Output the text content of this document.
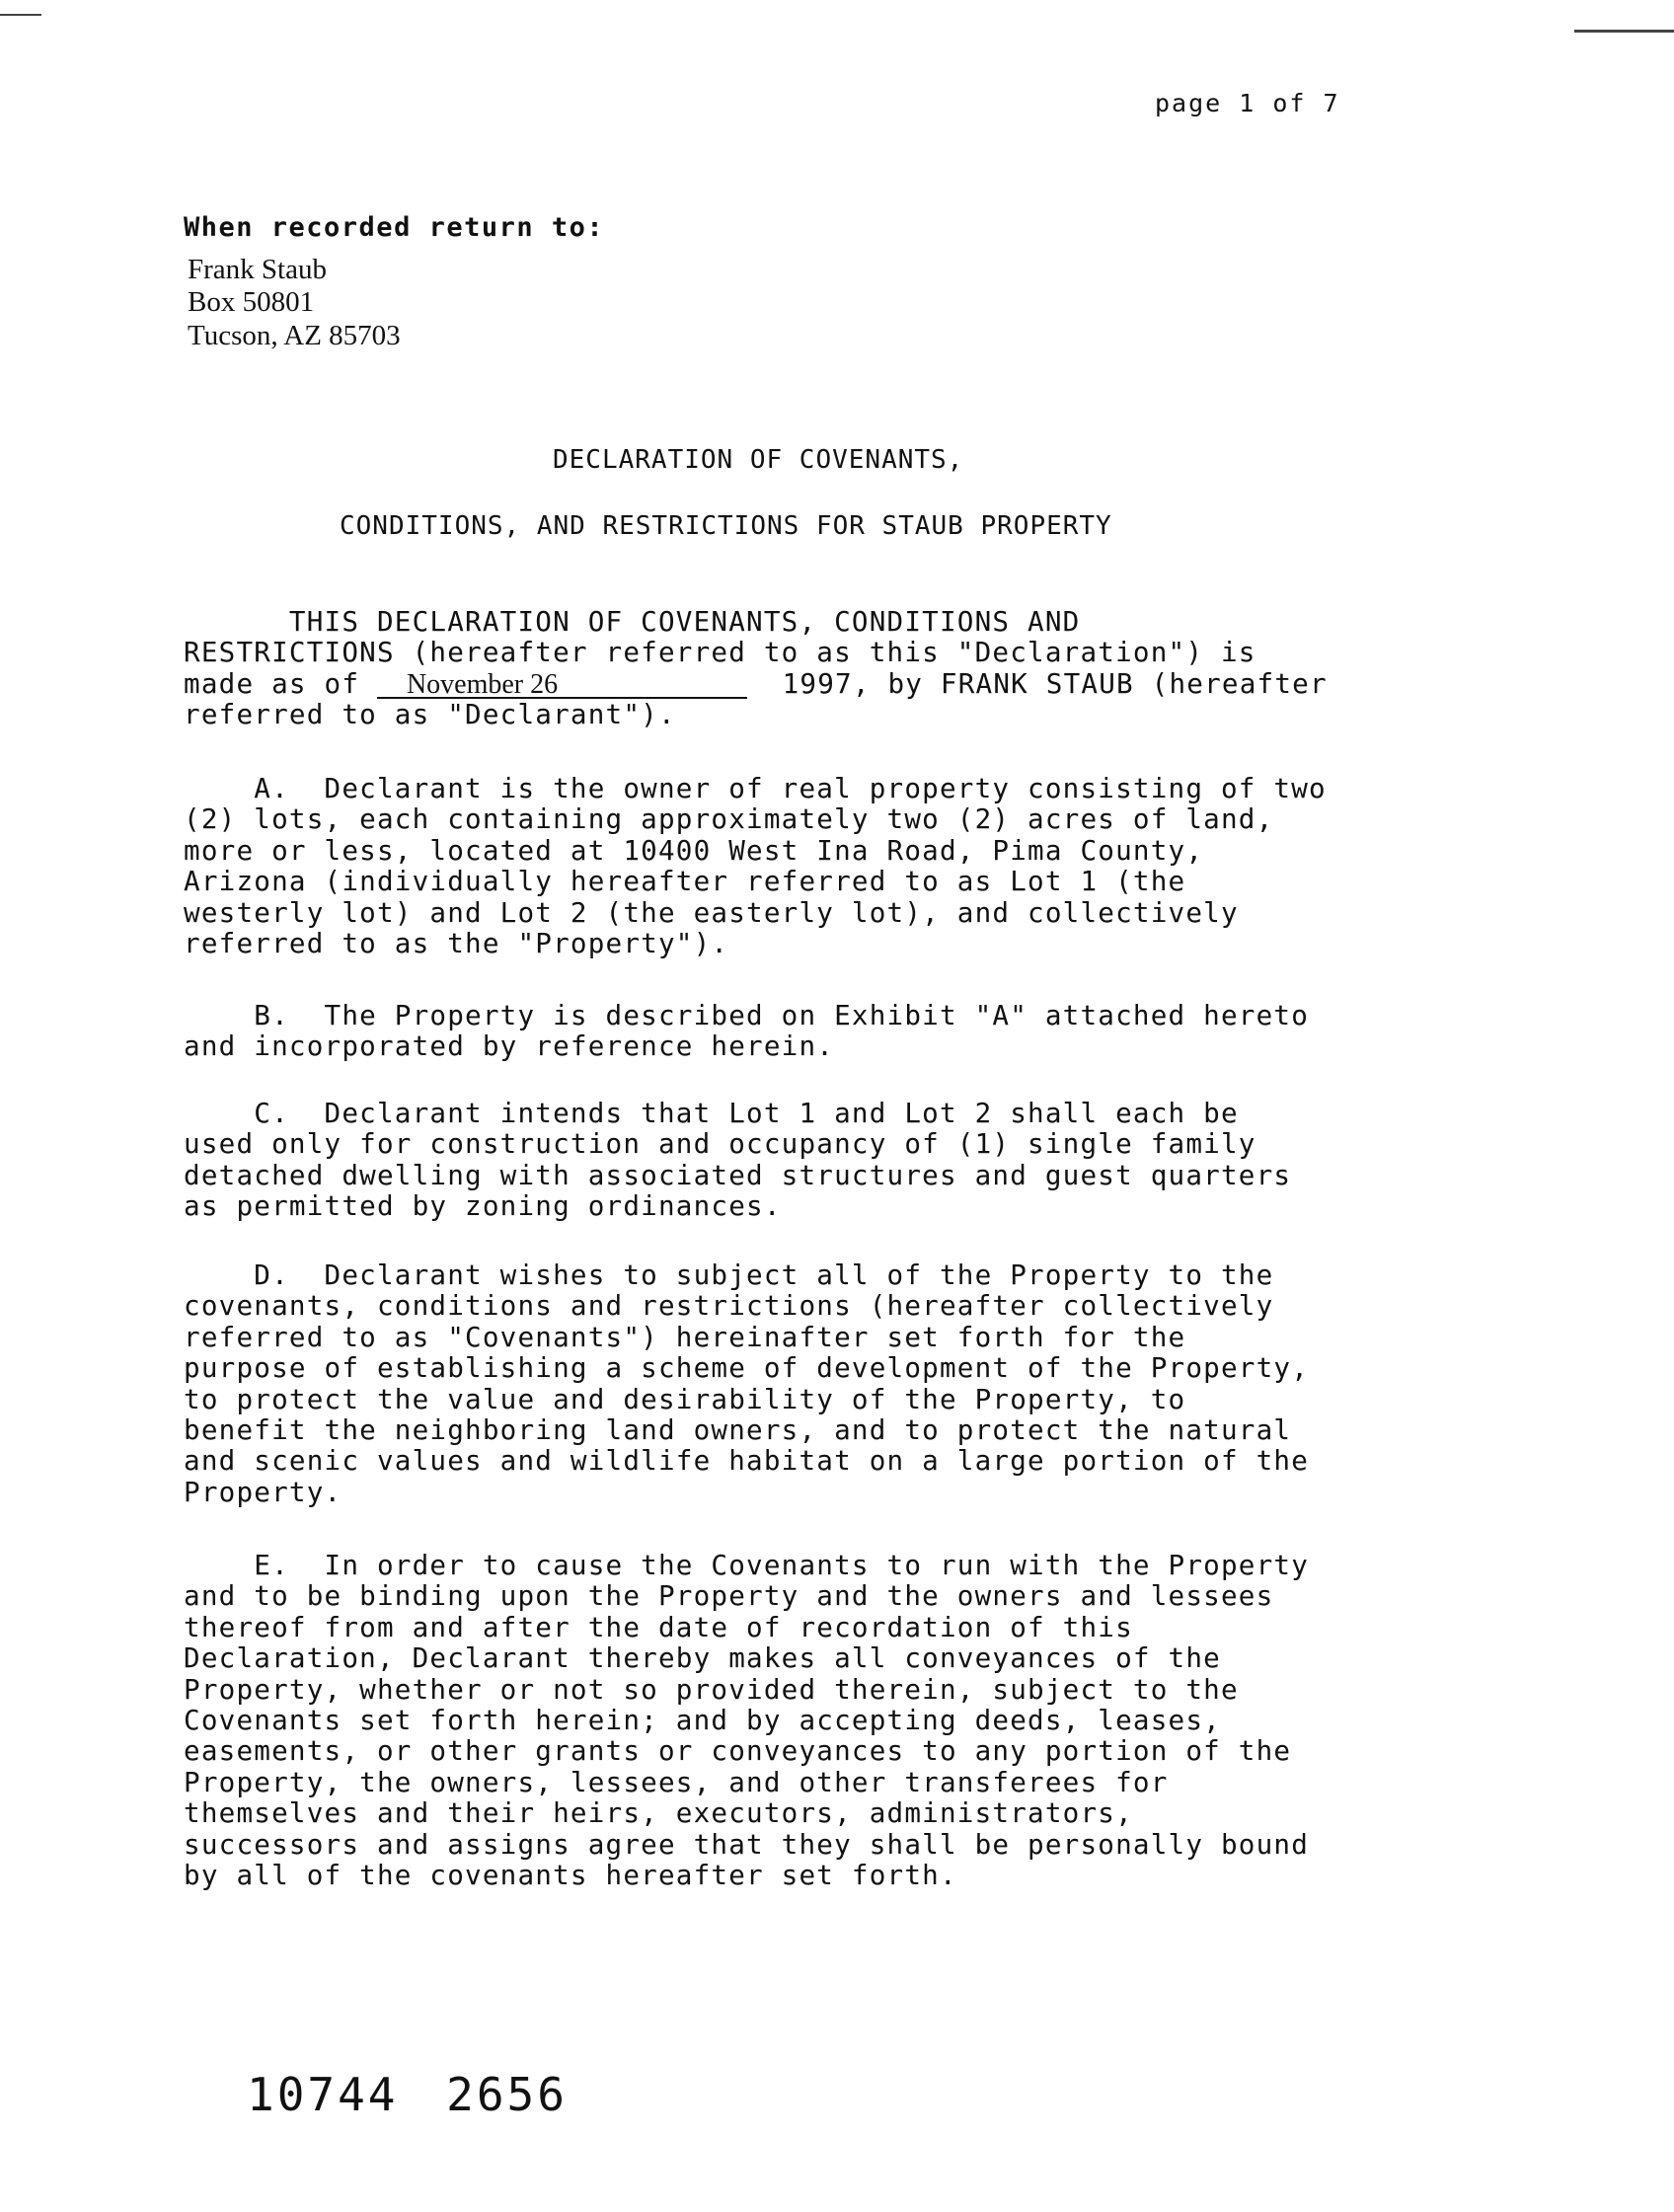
page 1 of 7
When recorded return to:
Frank Staub
Box 50801
Tucson, AZ 85703
DECLARATION OF COVENANTS,
CONDITIONS, AND RESTRICTIONS FOR STAUB PROPERTY
THIS DECLARATION OF COVENANTS, CONDITIONS AND
RESTRICTIONS (hereafter referred to as this "Declaration") is
made as of November 26	1997, by FRANK STAUB (hereafter
referred to as "Declarant").
A.  Declarant is the owner of real property consisting of two
(2) lots, each containing approximately two (2) acres of land,
more or less, located at 10400 West Ina Road, Pima County,
Arizona (individually hereafter referred to as Lot 1 (the
westerly lot) and Lot 2 (the easterly lot), and collectively
referred to as the "Property").
B.  The Property is described on Exhibit "A" attached hereto
and incorporated by reference herein.
C.  Declarant intends that Lot 1 and Lot 2 shall each be
used only for construction and occupancy of (1) single family
detached dwelling with associated structures and guest quarters
as permitted by zoning ordinances.
D.  Declarant wishes to subject all of the Property to the
covenants, conditions and restrictions (hereafter collectively
referred to as "Covenants") hereinafter set forth for the
purpose of establishing a scheme of development of the Property,
to protect the value and desirability of the Property, to
benefit the neighboring land owners, and to protect the natural
and scenic values and wildlife habitat on a large portion of the
Property.
E.  In order to cause the Covenants to run with the Property
and to be binding upon the Property and the owners and lessees
thereof from and after the date of recordation of this
Declaration, Declarant thereby makes all conveyances of the
Property, whether or not so provided therein, subject to the
Covenants set forth herein; and by accepting deeds, leases,
easements, or other grants or conveyances to any portion of the
Property, the owners, lessees, and other transferees for
themselves and their heirs, executors, administrators,
successors and assigns agree that they shall be personally bound
by all of the covenants hereafter set forth.
10744 2656
